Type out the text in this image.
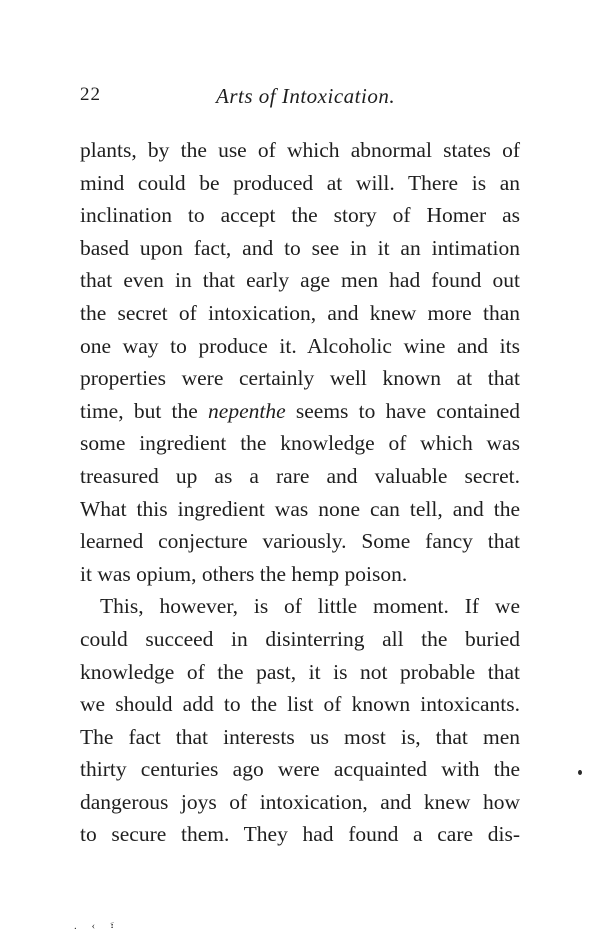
22	Arts of Intoxication.
plants, by the use of which abnormal states of
mind could be produced at will. There is an
inclination to accept the story of Homer as
based upon fact, and to see in it an intimation
that even in that early age men had found out
the secret of intoxication, and knew more than
one way to produce it. Alcoholic wine and its
properties were certainly well known at that
time, but the nepenthe seems to have contained
some ingredient the knowledge of which was
treasured up as a rare and valuable secret.
What this ingredient was none can tell, and the
learned conjecture variously. Some fancy that
it was opium, others the hemp poison.
This, however, is of little moment. If we
could succeed in disinterring all the buried
knowledge of the past, it is not probable that
we should add to the list of known intoxicants.
The fact that interests us most is, that men
thirty centuries ago were acquainted with the
dangerous joys of intoxication, and knew how
to secure them. They had found a care dis-
. ‹ ፣
